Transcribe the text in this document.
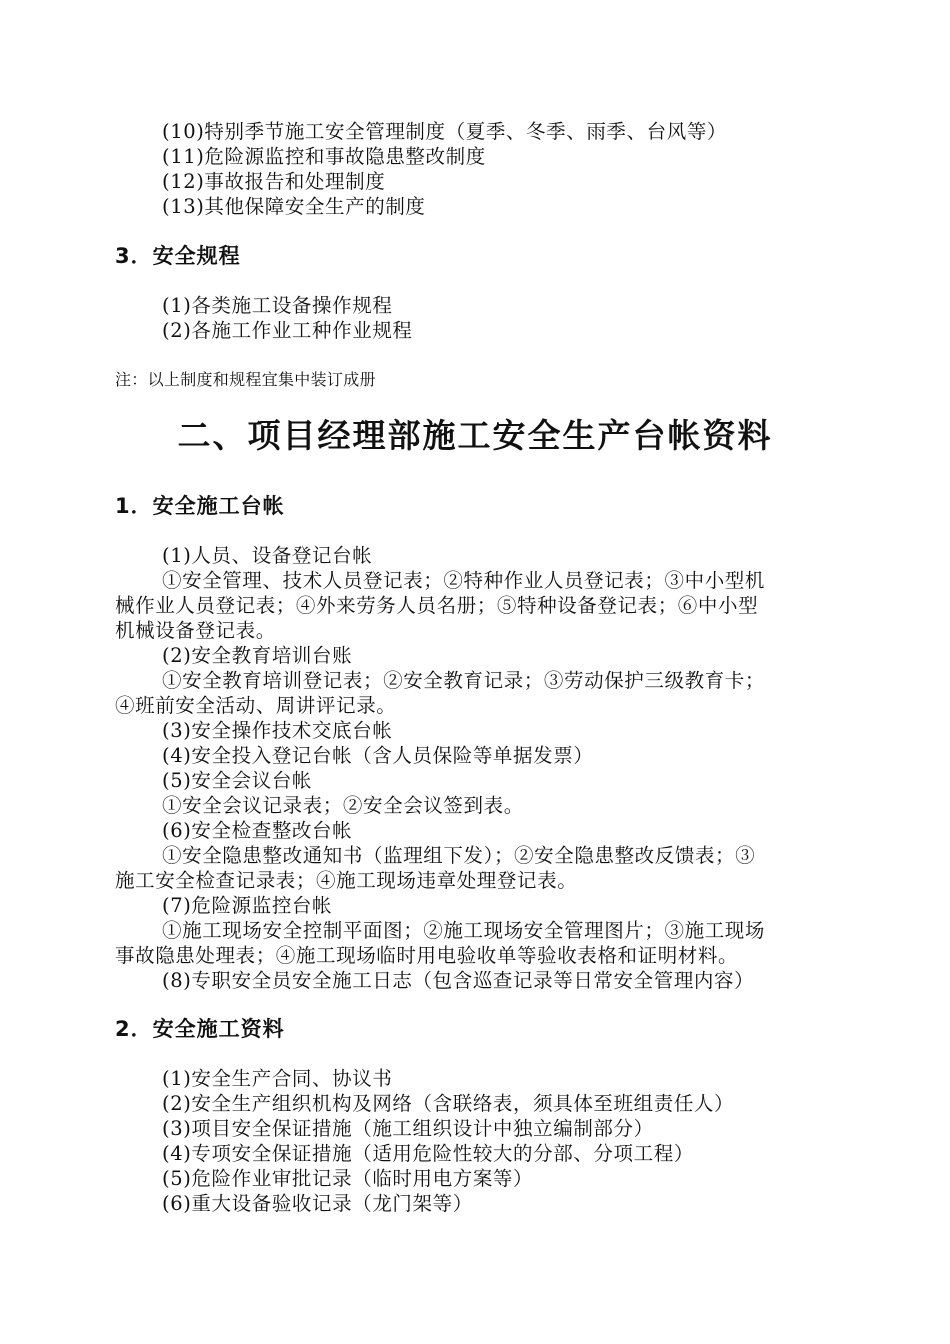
(10)特别季节施工安全管理制度（夏季、冬季、雨季、台风等）
(11)危险源监控和事故隐患整改制度
(12)事故报告和处理制度
(13)其他保障安全生产的制度
3．安全规程
(1)各类施工设备操作规程
(2)各施工作业工种作业规程
注：以上制度和规程宜集中装订成册
二、项目经理部施工安全生产台帐资料
1．安全施工台帐
(1)人员、设备登记台帐
①安全管理、技术人员登记表；②特种作业人员登记表；③中小型机
械作业人员登记表；④外来劳务人员名册；⑤特种设备登记表；⑥中小型
机械设备登记表。
(2)安全教育培训台账
①安全教育培训登记表；②安全教育记录；③劳动保护三级教育卡；
④班前安全活动、周讲评记录。
(3)安全操作技术交底台帐
(4)安全投入登记台帐（含人员保险等单据发票）
(5)安全会议台帐
①安全会议记录表；②安全会议签到表。
(6)安全检查整改台帐
①安全隐患整改通知书（监理组下发）；②安全隐患整改反馈表；③
施工安全检查记录表；④施工现场违章处理登记表。
(7)危险源监控台帐
①施工现场安全控制平面图；②施工现场安全管理图片；③施工现场
事故隐患处理表；④施工现场临时用电验收单等验收表格和证明材料。
(8)专职安全员安全施工日志（包含巡查记录等日常安全管理内容）
2．安全施工资料
(1)安全生产合同、协议书
(2)安全生产组织机构及网络（含联络表，须具体至班组责任人）
(3)项目安全保证措施（施工组织设计中独立编制部分）
(4)专项安全保证措施（适用危险性较大的分部、分项工程）
(5)危险作业审批记录（临时用电方案等）
(6)重大设备验收记录（龙门架等）
